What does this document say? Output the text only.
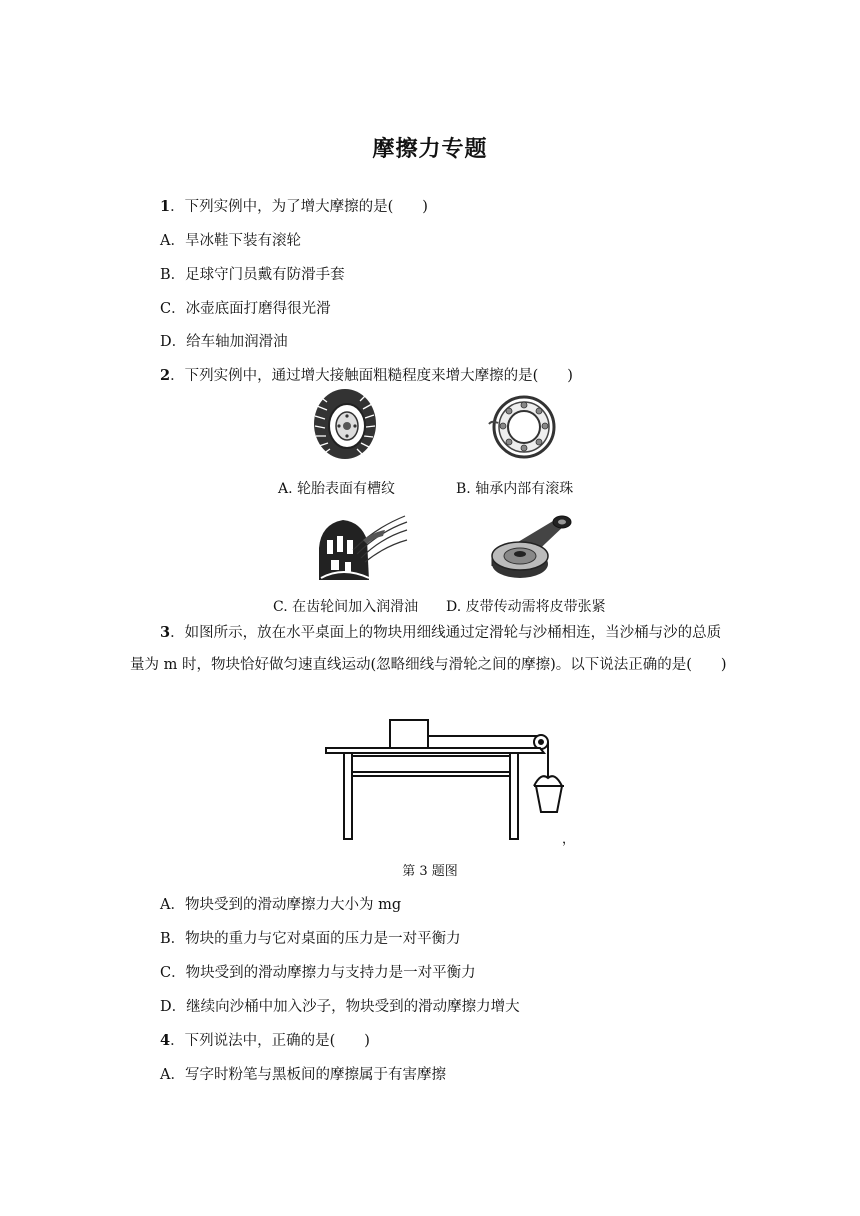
摩擦力专题
1．下列实例中，为了增大摩擦的是(　　)
A．旱冰鞋下装有滚轮
B．足球守门员戴有防滑手套
C．冰壶底面打磨得很光滑
D．给车轴加润滑油
2．下列实例中，通过增大接触面粗糙程度来增大摩擦的是(　　)
A. 轮胎表面有槽纹	B. 轴承内部有滚珠
C. 在齿轮间加入润滑油 D. 皮带传动需将皮带张紧
3．如图所示，放在水平桌面上的物块用细线通过定滑轮与沙桶相连，当沙桶与沙的总质量为 m 时，物块恰好做匀速直线运动(忽略细线与滑轮之间的摩擦)。以下说法正确的是(　　)
，
第 3 题图
A．物块受到的滑动摩擦力大小为 mg
B．物块的重力与它对桌面的压力是一对平衡力
C．物块受到的滑动摩擦力与支持力是一对平衡力
D．继续向沙桶中加入沙子，物块受到的滑动摩擦力增大
4．下列说法中，正确的是(　　)
A．写字时粉笔与黑板间的摩擦属于有害摩擦
